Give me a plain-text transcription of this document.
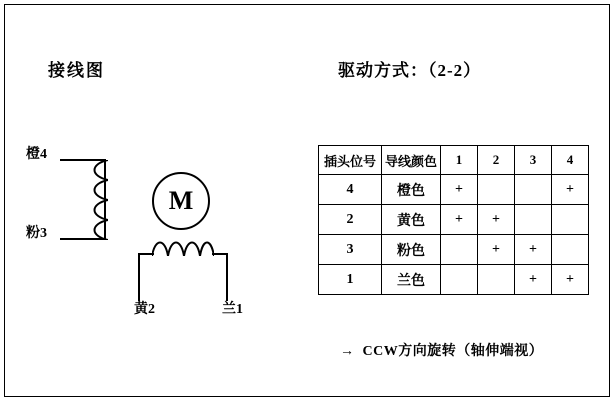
接线图	驱动方式：（2-2）
橙4
粉3
黄2	兰1
M
插头位号	导线颜色	1	2	3	4
4	橙色	+			+
2	黄色	+	+		
3	粉色		+	+	
1	兰色			+	+
→ CCW方向旋转（轴伸端视）
